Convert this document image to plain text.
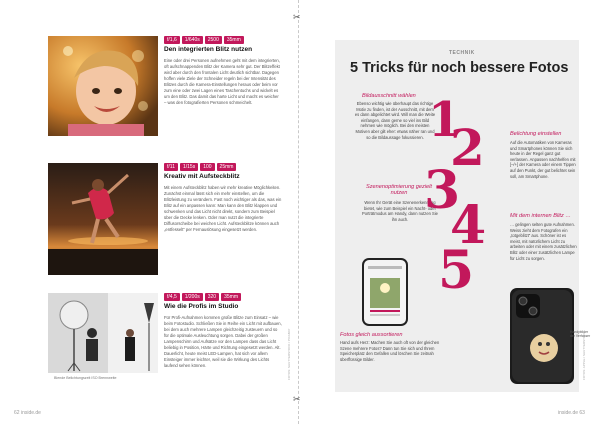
f/1,6	1/640s	2500	35mm
Den integrierten Blitz nutzen
Eine oder drei Personen aufnehmen geht mit dem integrierten, oft aufschnappenden Blitz der Kamera sehr gut. Der Blitzeffekt wird aber durch den frontalen Licht deutlich sichtbar. Dagegen hoffen viele Ziele der Schneider regeln bei der Intensität des Blitzes durch die Kamera-Einstellungen heraus oder beim vor zum eine oder zwei Lagen eines Taschentuchs und wickelt es um den Blitz. Das damit das harte Licht und macht es weicher – was den fotografierten Personen schmeichelt.
f/11	1/15s	100	25mm
Kreativ mit Aufsteckblitz
Mit einem Aufsteckblitz haben wir mehr kreative Möglichkeiten. Zunächst einmal lässt sich ein mehr einstellen, um die Blitzleistung zu verändern. Fast noch wichtiger als das, was ein Blitz auf ein anpassen kann: Man kann den Blitz klappen und schwenken und das Licht nicht direkt, sondern zum Beispiel über die Decke lenken. Oder man nutzt die integrierte Diffusorscheibe bei weichen Licht. Aufsteckblitze können auch „entfesselt“ per Fernauslösung eingesetzt werden.
f/4,5	1/200s	320	35mm
Wie die Profis im Studio
Für Profi-Aufnahmen kommen große Blitze zum Einsatz – wie beim Fotostudio. Schließen Sie in Reihe ein Licht mit aufbauen, bei dem auch mehrere Lampen gleichzeitig zusteuern und so für die optimale Ausleuchtung sorgen. Dabei der großen Lampenschirm und Aufsätze vor den Lampen dass das Licht beliebig in Position, Härte und Richtung eingesetzt werden. Alt. Dauerlicht, heute meist LED-Lampen, hat sich vor allem Einsteiger immer leichter, weil sie die Wirkung des Lichts laufend sehen können.
Blende Belichtungszeit ISO Brennweite	FOTOS: SHUTTERSTOCK / PIXABAY
62 inside.de
✂
✂
TECHNIK
5 Tricks für noch bessere Fotos
Bildausschnitt wählen
Ebenso wichtig wie überhaupt das richtige Motiv zu finden, ist der Ausschnitt, mit dem es dann abgelichtet wird. Will man die Weite einfangen, dann gerne so viel ins Bild nehmen wie möglich. Bei den meisten Motiven aber gilt eher: etwas näher ran und so die Bildaussage fokussieren.
Belichtung einstellen
Auf die Automatiken von Kameras und Smartphones können Sie sich heute in der Regel ganz gut verlassen. Anpassen nachhelfen mit [–/+] der Kamera oder einem Tippen auf den Punkt, der gut belichtet sein soll, am Smartphone.
Szenenoptimierung gezielt nutzen
Wenn Ihr Gerät eine Szenenerkennung bietet, wie zum Beispiel ein Nacht- oder Porträtmodus am Handy, dann nutzen Sie ihn auch.
Mit dem internen Blitz …
… gelingen selten gute Aufnahmen. Weiss zieht dem Fotografen ein „totgeblitzt“ aus. Schöner ist es meist, mit natürlichem Licht zu arbeiten oder mit einem zusätzlichen Blitz oder einer zusätzlichen Lampe für Licht zu sorgen.
Fotos gleich aussortieren
Hand aufs Herz: Machen Sie auch oft von der gleichen Szene mehrere Fotos? Dann tun Sie sich und Ihrem Speicherplatz den Gefallen und löschen Sie zeitnah überflüssige Bilder.
1
2
3
4
5
Handybilder
der Verfasser
FOTOS: APPLE / SHUTTERSTOCK
inside.de 63
